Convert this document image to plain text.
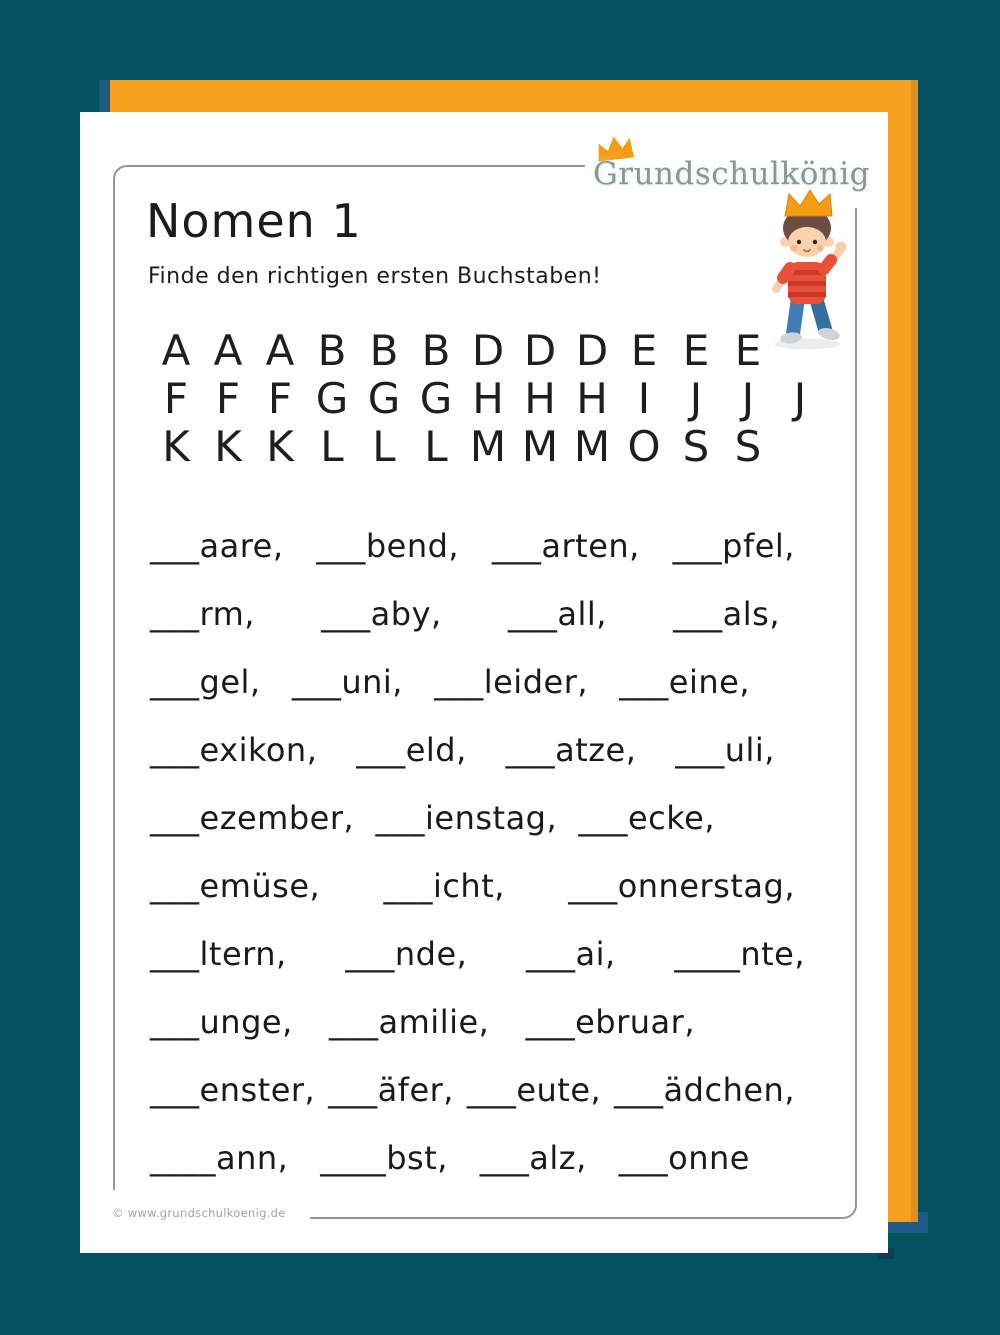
Grundschulkönig
Nomen 1
Finde den richtigen ersten Buchstaben!
A A A B B B D D D E E E
F F F G G G H H H I J J J
K K K L L L M M M O S S
___aare, ___bend, ___arten, ___pfel,
___rm, ___aby, ___all, ___als,
___gel, ___uni, ___leider, ___eine,
___exikon, ___eld, ___atze, ___uli,
___ezember, ___ienstag, ___ecke,
___emüse, ___icht, ___onnerstag,
___ltern, ___nde, ___ai, ____nte,
___unge, ___amilie, ___ebruar,
___enster, ___äfer, ___eute, ___ädchen,
____ann, ____bst, ___alz, ___onne
© www.grundschulkoenig.de
